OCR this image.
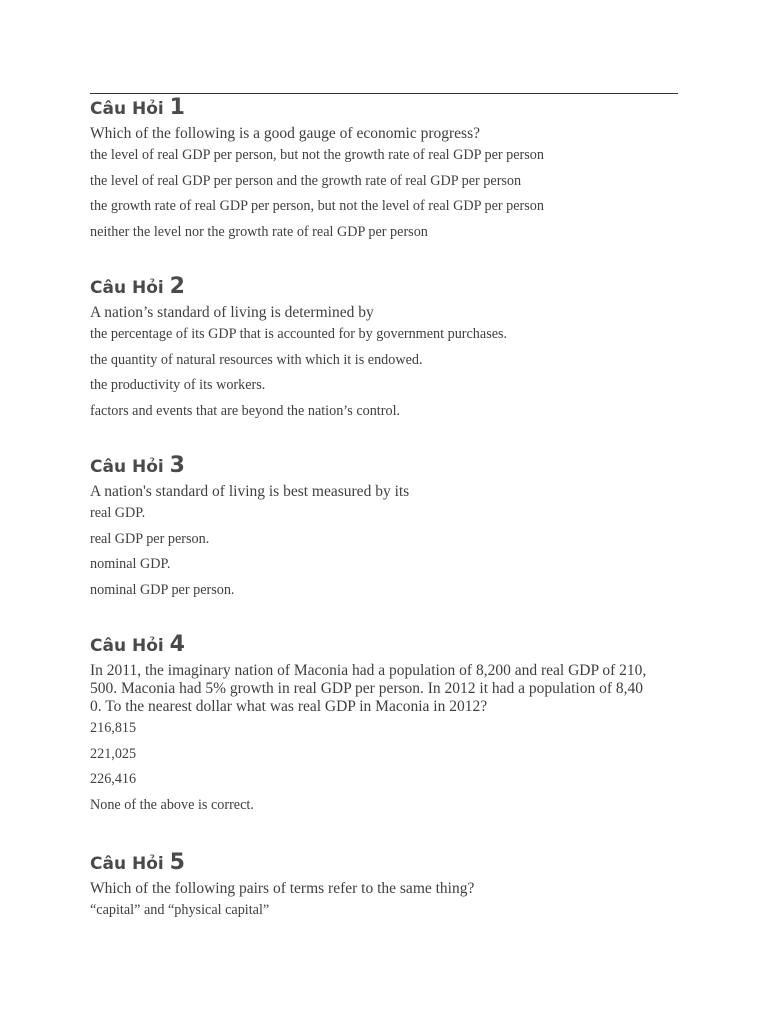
Câu Hỏi 1

Which of the following is a good gauge of economic progress?

the level of real GDP per person, but not the growth rate of real GDP per person
the level of real GDP per person and the growth rate of real GDP per person
the growth rate of real GDP per person, but not the level of real GDP per person
neither the level nor the growth rate of real GDP per person
Câu Hỏi 2

A nation’s standard of living is determined by

the percentage of its GDP that is accounted for by government purchases.
the quantity of natural resources with which it is endowed.
the productivity of its workers.
factors and events that are beyond the nation’s control.
Câu Hỏi 3

A nation's standard of living is best measured by its

real GDP.
real GDP per person.
nominal GDP.
nominal GDP per person.
Câu Hỏi 4

In 2011, the imaginary nation of Maconia had a population of 8,200 and real GDP of 210,

500. Maconia had 5% growth in real GDP per person. In 2012 it had a population of 8,40

0. To the nearest dollar what was real GDP in Maconia in 2012?

216,815
221,025
226,416
None of the above is correct.
Câu Hỏi 5

Which of the following pairs of terms refer to the same thing?

“capital” and “physical capital”
